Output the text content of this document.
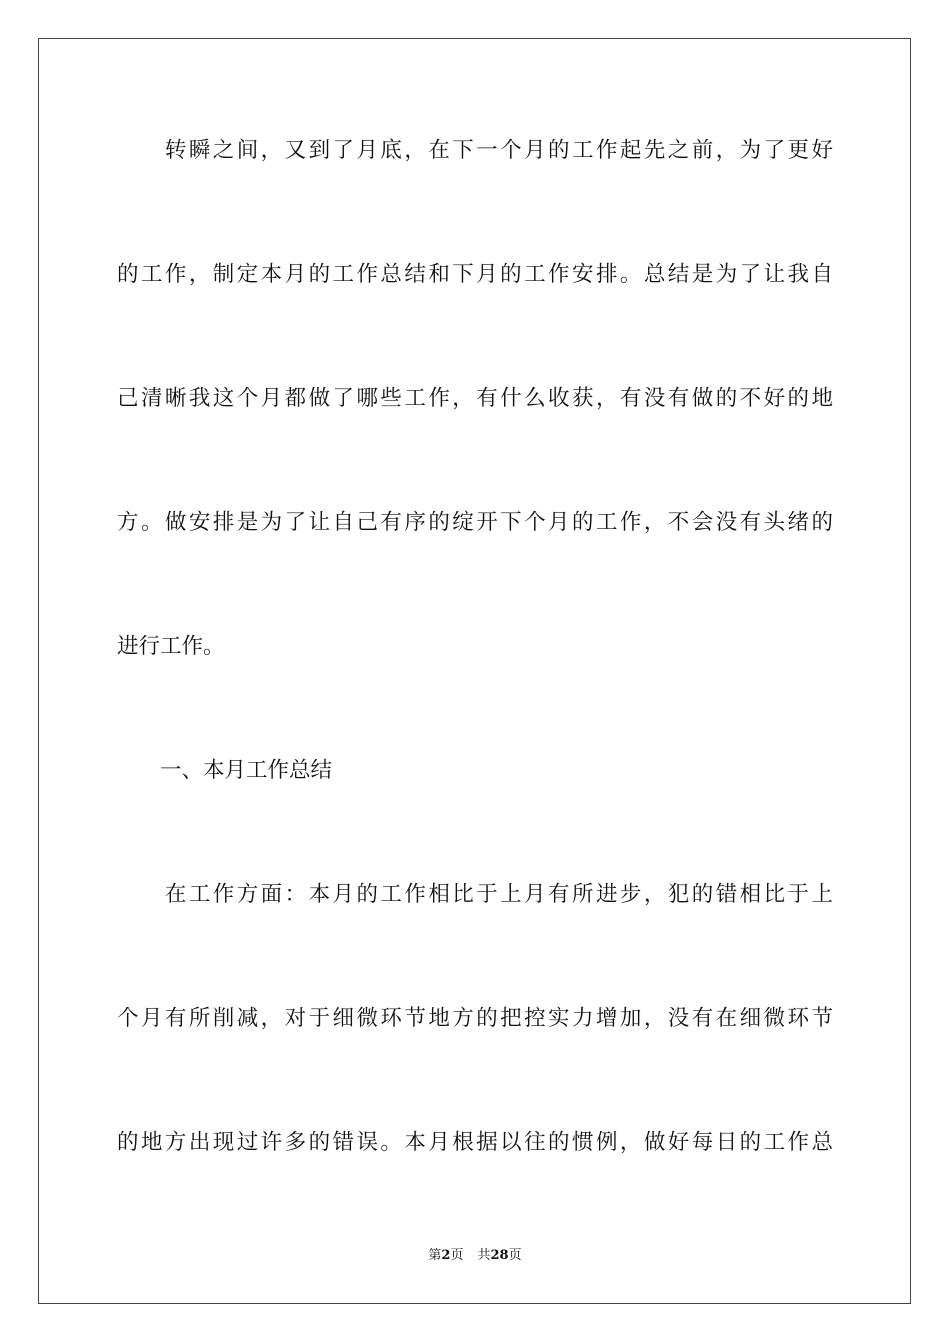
　　转瞬之间，又到了月底，在下一个月的工作起先之前，为了更好
的工作，制定本月的工作总结和下月的工作安排。总结是为了让我自
己清晰我这个月都做了哪些工作，有什么收获，有没有做的不好的地
方。做安排是为了让自己有序的绽开下个月的工作，不会没有头绪的
进行工作。
　　一、本月工作总结
　　在工作方面：本月的工作相比于上月有所进步，犯的错相比于上
个月有所削减，对于细微环节地方的把控实力增加，没有在细微环节
的地方出现过许多的错误。本月根据以往的惯例，做好每日的工作总
第2页 共28页
